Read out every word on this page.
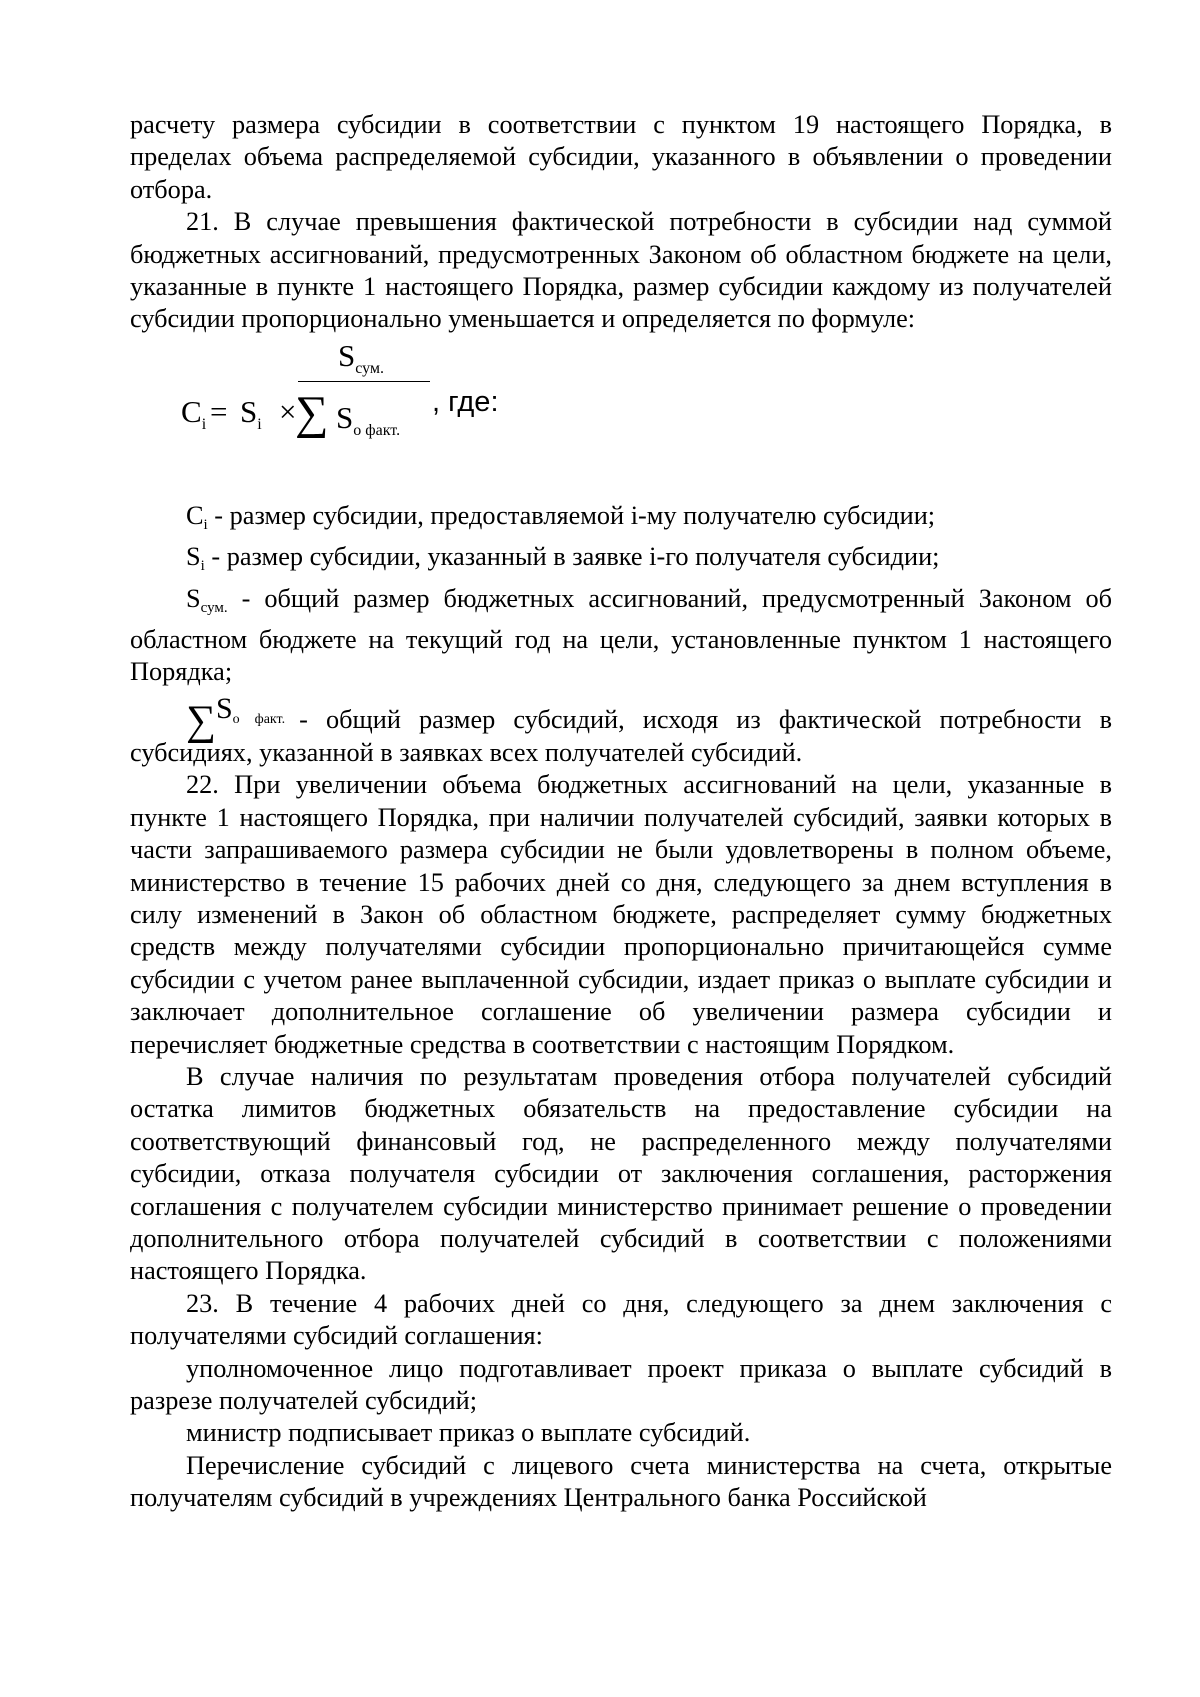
расчету размера субсидии в соответствии с пунктом 19 настоящего Порядка, в пределах объема распределяемой субсидии, указанного в объявлении о проведении отбора.

21. В случае превышения фактической потребности в субсидии над суммой бюджетных ассигнований, предусмотренных Законом об областном бюджете на цели, указанные в пункте 1 настоящего Порядка, размер субсидии каждому из получателей субсидии пропорционально уменьшается и определяется по формуле:

$C_i = S_i$ ×
$S_{сум.}$
∑ $S_{о факт.}$
, где:

$C_i$ - размер субсидии, предоставляемой i-му получателю субсидии;

$S_i$ - размер субсидии, указанный в заявке i-го получателя субсидии;

$S_{сум.}$ - общий размер бюджетных ассигнований, предусмотренный Законом об областном бюджете на текущий год на цели, установленные пунктом 1 настоящего Порядка;

∑Sо факт. - общий размер субсидий, исходя из фактической потребности в субсидиях, указанной в заявках всех получателей субсидий.

22. При увеличении объема бюджетных ассигнований на цели, указанные в пункте 1 настоящего Порядка, при наличии получателей субсидий, заявки которых в части запрашиваемого размера субсидии не были удовлетворены в полном объеме, министерство в течение 15 рабочих дней со дня, следующего за днем вступления в силу изменений в Закон об областном бюджете, распределяет сумму бюджетных средств между получателями субсидии пропорционально причитающейся сумме субсидии с учетом ранее выплаченной субсидии, издает приказ о выплате субсидии и заключает дополнительное соглашение об увеличении размера субсидии и перечисляет бюджетные средства в соответствии с настоящим Порядком.

В случае наличия по результатам проведения отбора получателей субсидий остатка лимитов бюджетных обязательств на предоставление субсидии на соответствующий финансовый год, не распределенного между получателями субсидии, отказа получателя субсидии от заключения соглашения, расторжения соглашения с получателем субсидии министерство принимает решение о проведении дополнительного отбора получателей субсидий в соответствии с положениями настоящего Порядка.

23. В течение 4 рабочих дней со дня, следующего за днем заключения с получателями субсидий соглашения:

уполномоченное лицо подготавливает проект приказа о выплате субсидий в разрезе получателей субсидий;

министр подписывает приказ о выплате субсидий.

Перечисление субсидий с лицевого счета министерства на счета, открытые получателям субсидий в учреждениях Центрального банка Российской
